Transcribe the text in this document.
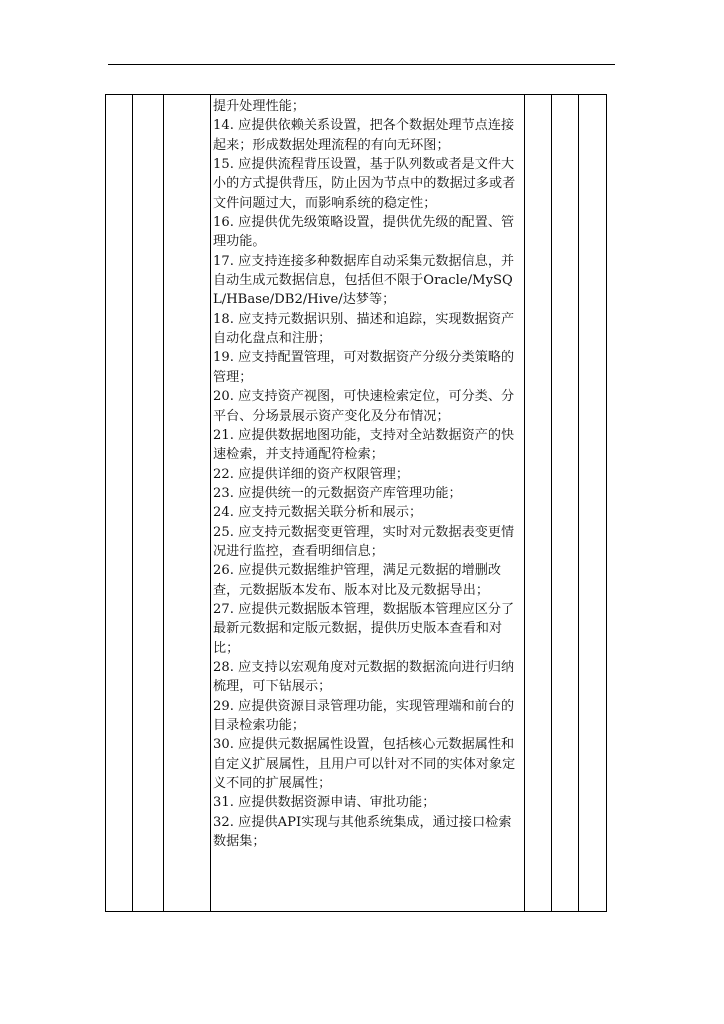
提升处理性能；
14. 应提供依赖关系设置，把各个数据处理节点连接起来；形成数据处理流程的有向无环图；
15. 应提供流程背压设置，基于队列数或者是文件大小的方式提供背压，防止因为节点中的数据过多或者文件问题过大，而影响系统的稳定性；
16. 应提供优先级策略设置，提供优先级的配置、管理功能。
17. 应支持连接多种数据库自动采集元数据信息，并自动生成元数据信息，包括但不限于Oracle/MySQL/HBase/DB2/Hive/达梦等；
18. 应支持元数据识别、描述和追踪，实现数据资产自动化盘点和注册；
19. 应支持配置管理，可对数据资产分级分类策略的管理；
20. 应支持资产视图，可快速检索定位，可分类、分平台、分场景展示资产变化及分布情况；
21. 应提供数据地图功能，支持对全站数据资产的快速检索，并支持通配符检索；
22. 应提供详细的资产权限管理；
23. 应提供统一的元数据资产库管理功能；
24. 应支持元数据关联分析和展示；
25. 应支持元数据变更管理，实时对元数据表变更情况进行监控，查看明细信息；
26. 应提供元数据维护管理，满足元数据的增删改查，元数据版本发布、版本对比及元数据导出；
27. 应提供元数据版本管理，数据版本管理应区分了最新元数据和定版元数据，提供历史版本查看和对比；
28. 应支持以宏观角度对元数据的数据流向进行归纳梳理，可下钻展示；
29. 应提供资源目录管理功能，实现管理端和前台的目录检索功能；
30. 应提供元数据属性设置，包括核心元数据属性和自定义扩展属性，且用户可以针对不同的实体对象定义不同的扩展属性；
31. 应提供数据资源申请、审批功能；
32. 应提供API实现与其他系统集成，通过接口检索数据集；
